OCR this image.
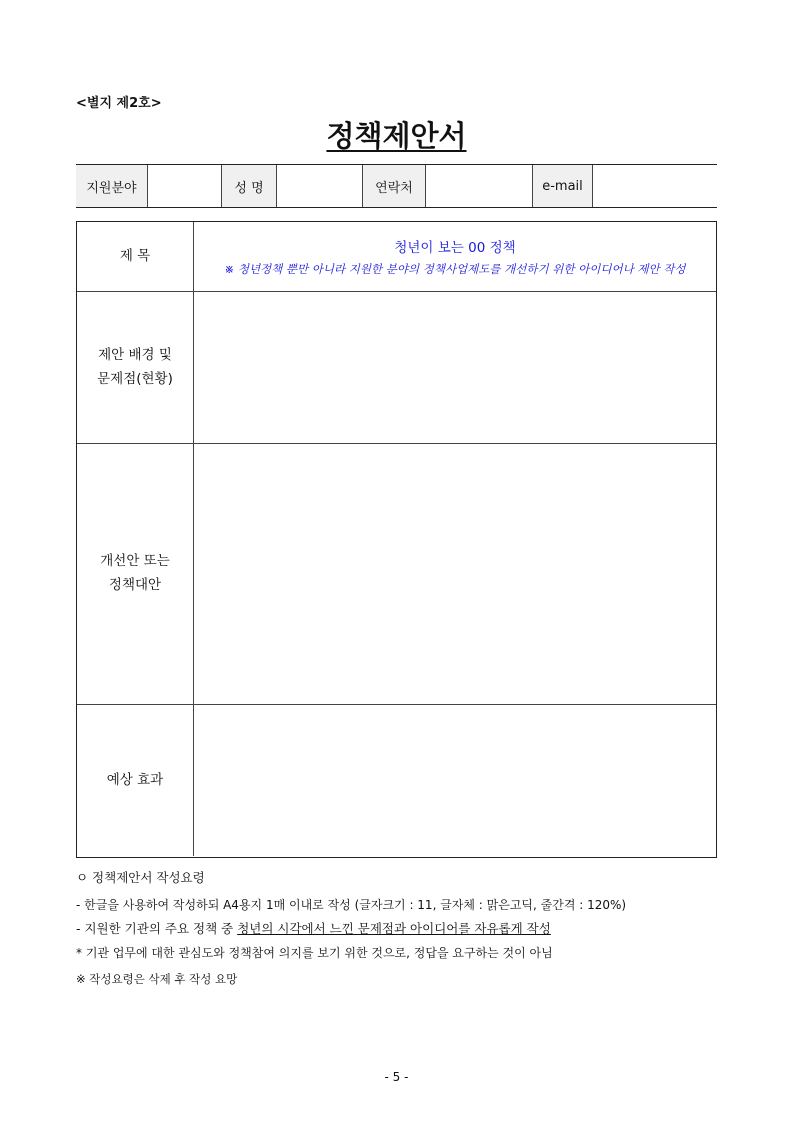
<별지 제2호>
정책제안서
지원분야	성 명	연락처	e-mail
제 목	청년이 보는 00 정책
※ 청년정책 뿐만 아니라 지원한 분야의 정책사업제도를 개선하기 위한 아이디어나 제안 작성
제안 배경 및
문제점(현황)
개선안 또는
정책대안
예상 효과
ㅇ 정책제안서 작성요령
- 한글을 사용하여 작성하되 A4용지 1매 이내로 작성 (글자크기 : 11, 글자체 : 맑은고딕, 줄간격 : 120%)
- 지원한 기관의 주요 정책 중 청년의 시각에서 느낀 문제점과 아이디어를 자유롭게 작성
* 기관 업무에 대한 관심도와 정책참여 의지를 보기 위한 것으로, 정답을 요구하는 것이 아님
※ 작성요령은 삭제 후 작성 요망
- 5 -
